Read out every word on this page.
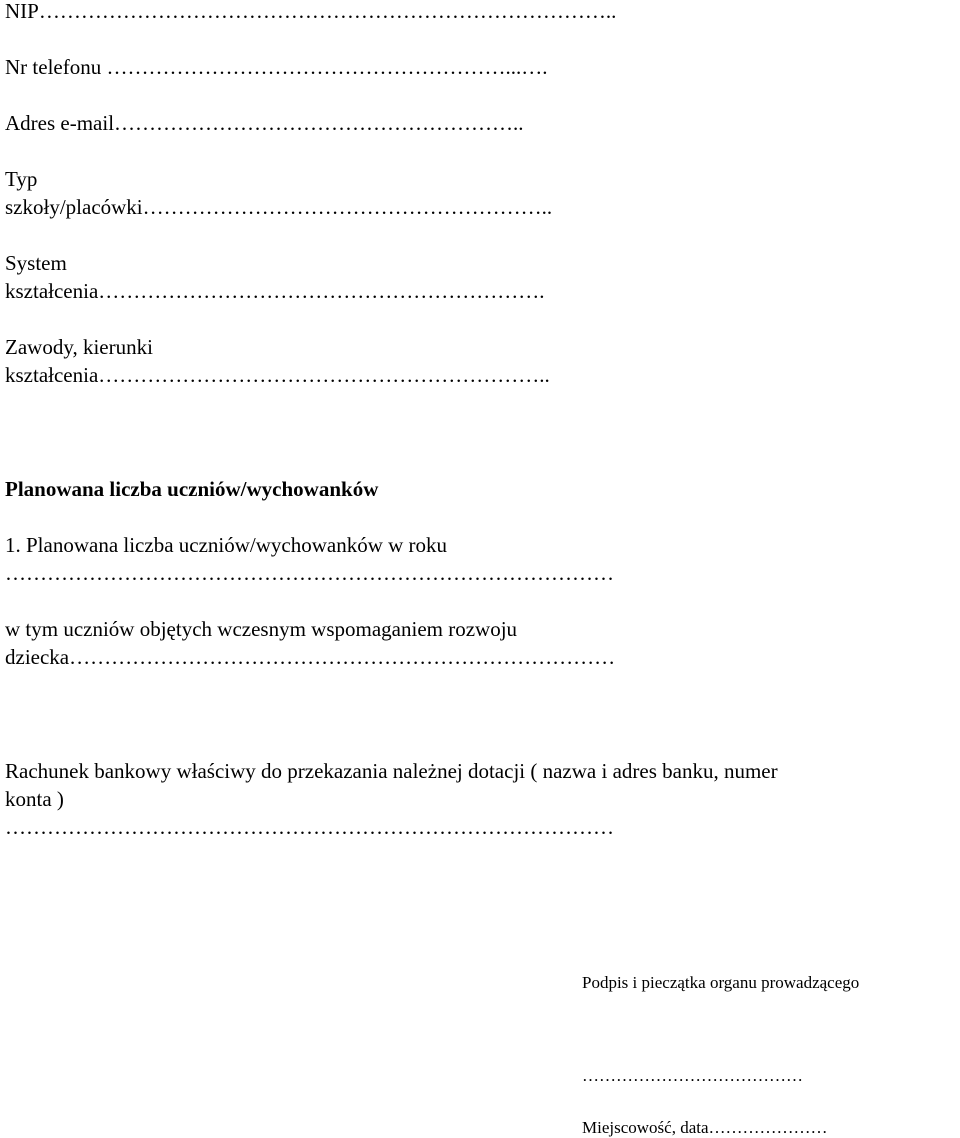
NIP………………………………………………………………………..

Nr telefonu …………………………………………………...….

Adres e-mail…………………………………………………..

Typ

szkoły/placówki…………………………………………………..

System

kształcenia……………………………………………………….

Zawody, kierunki

kształcenia………………………………………………………..

Planowana liczba uczniów/wychowanków

1. Planowana liczba uczniów/wychowanków w roku

……………………………………………………………………………

w tym uczniów objętych wczesnym wspomaganiem rozwoju

dziecka……………………………………………………………………

Rachunek bankowy właściwy do przekazania należnej dotacji ( nazwa i adres banku, numer

konta )

……………………………………………………………………………

Podpis i pieczątka organu prowadzącego

…………………………………

Miejscowość, data…………………
